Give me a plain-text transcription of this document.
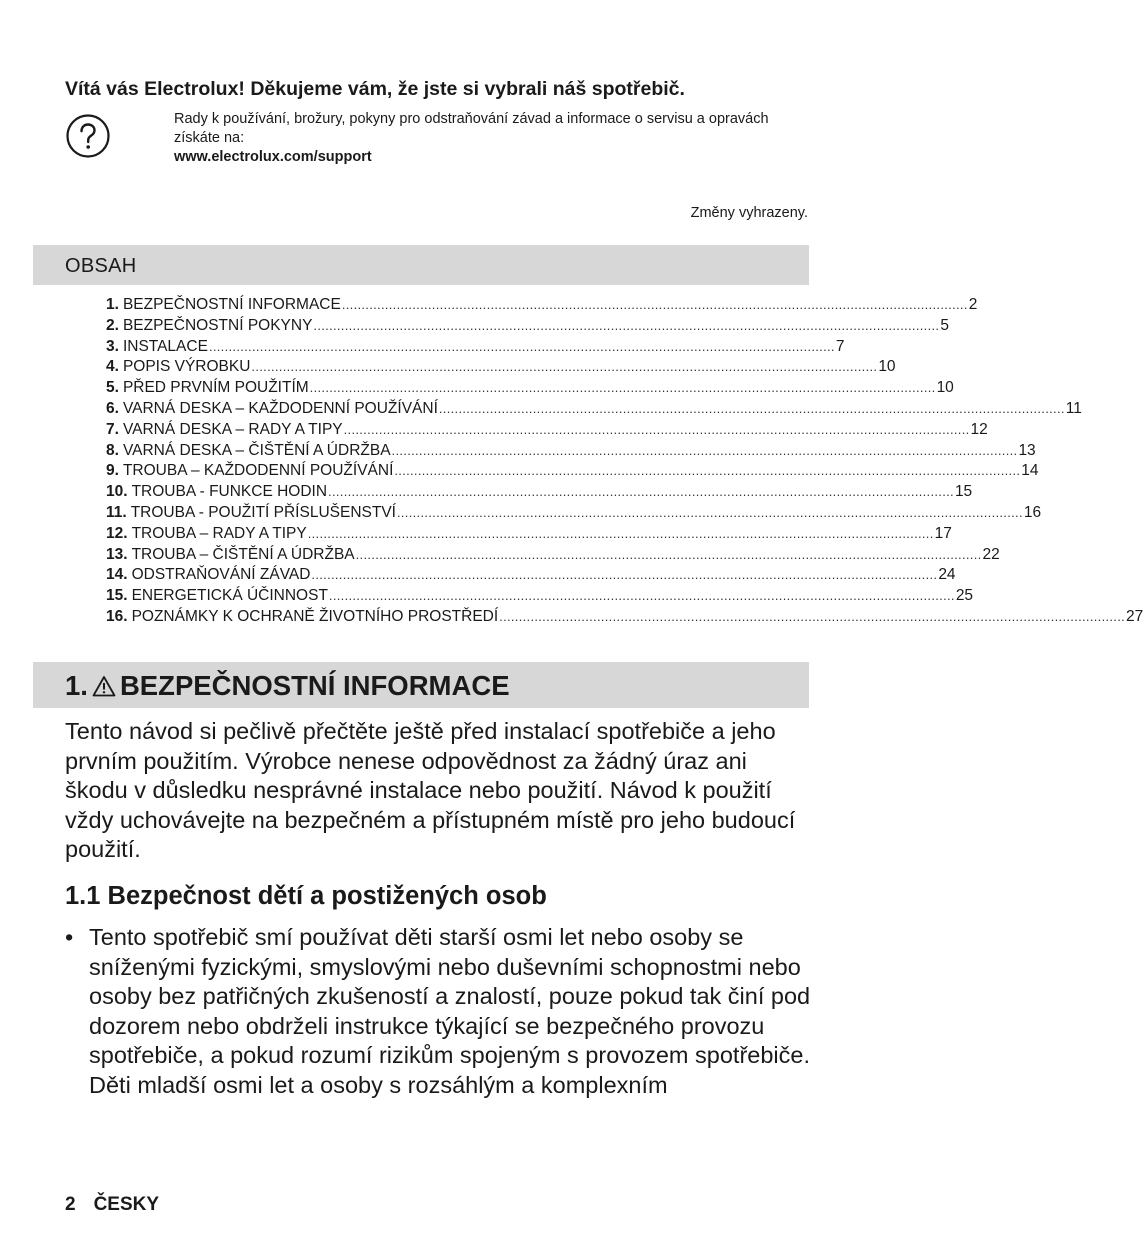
Vítá vás Electrolux! Děkujeme vám, že jste si vybrali náš spotřebič.
Rady k používání, brožury, pokyny pro odstraňování závad a informace o servisu a opravách získáte na:
www.electrolux.com/support
Změny vyhrazeny.
OBSAH
1. BEZPEČNOSTNÍ INFORMACE ................................................................................................................................................................ 2
2. BEZPEČNOSTNÍ POKYNY ................................................................................................................................................................ 5
3. INSTALACE ................................................................................................................................................................ 7
4. POPIS VÝROBKU ................................................................................................................................................................ 10
5. PŘED PRVNÍM POUŽITÍM ................................................................................................................................................................ 10
6. VARNÁ DESKA – KAŽDODENNÍ POUŽÍVÁNÍ ................................................................................................................................................................ 11
7. VARNÁ DESKA – RADY A TIPY ................................................................................................................................................................ 12
8. VARNÁ DESKA – ČIŠTĚNÍ A ÚDRŽBA ................................................................................................................................................................ 13
9. TROUBA – KAŽDODENNÍ POUŽÍVÁNÍ ................................................................................................................................................................ 14
10. TROUBA - FUNKCE HODIN ................................................................................................................................................................ 15
11. TROUBA - POUŽITÍ PŘÍSLUŠENSTVÍ ................................................................................................................................................................ 16
12. TROUBA – RADY A TIPY ................................................................................................................................................................ 17
13. TROUBA – ČIŠTĚNÍ A ÚDRŽBA ................................................................................................................................................................ 22
14. ODSTRAŇOVÁNÍ ZÁVAD ................................................................................................................................................................ 24
15. ENERGETICKÁ ÚČINNOST ................................................................................................................................................................ 25
16. POZNÁMKY K OCHRANĚ ŽIVOTNÍHO PROSTŘEDÍ ................................................................................................................................................................ 27
1. BEZPEČNOSTNÍ INFORMACE

Tento návod si pečlivě přečtěte ještě před instalací spotřebiče a jeho prvním použitím. Výrobce nenese odpovědnost za žádný úraz ani škodu v důsledku nesprávné instalace nebo použití. Návod k použití vždy uchovávejte na bezpečném a přístupném místě pro jeho budoucí použití.

1.1 Bezpečnost dětí a postižených osob

• Tento spotřebič smí používat děti starší osmi let nebo osoby se sníženými fyzickými, smyslovými nebo duševními schopnostmi nebo osoby bez patřičných zkušeností a znalostí, pouze pokud tak činí pod dozorem nebo obdrželi instrukce týkající se bezpečného provozu spotřebiče, a pokud rozumí rizikům spojeným s provozem spotřebiče. Děti mladší osmi let a osoby s rozsáhlým a komplexním

2 ČESKY
